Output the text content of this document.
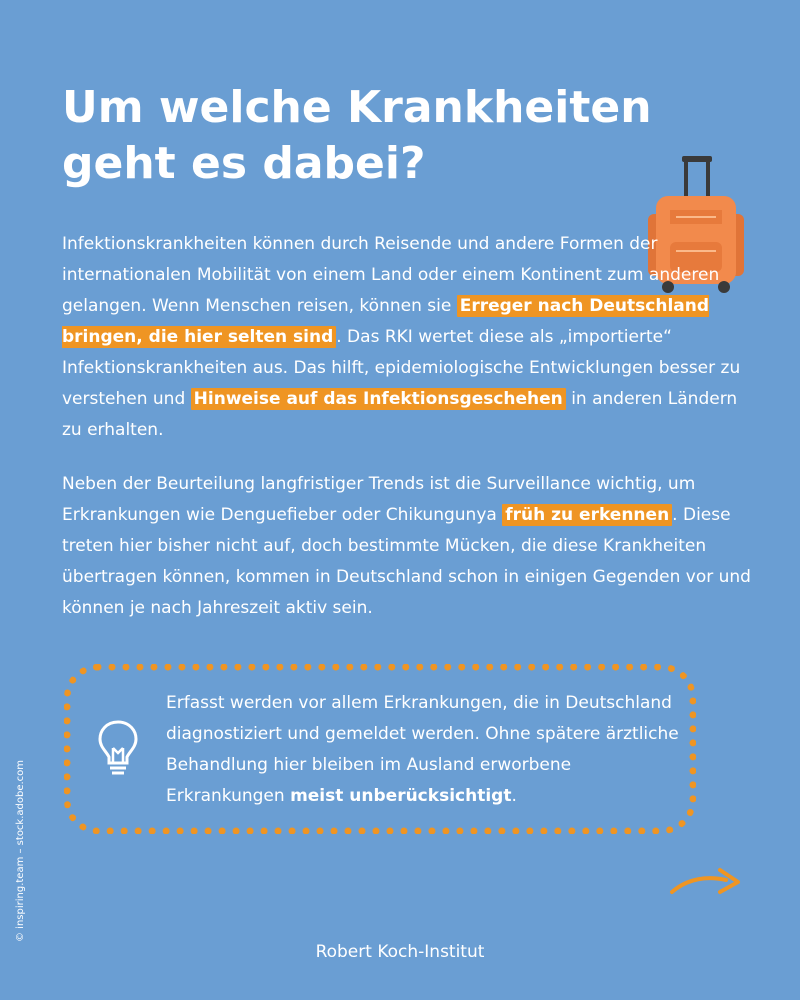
Um welche Krankheiten
geht es dabei?

Infektionskrankheiten können durch Reisende und andere Formen der internationalen Mobilität von einem Land oder einem Kontinent zum anderen gelangen. Wenn Menschen reisen, können sie Erreger nach Deutschland bringen, die hier selten sind . Das RKI wertet diese als „importierte“ Infektionskrankheiten aus. Das hilft, epidemiologische Entwicklungen besser zu verstehen und Hinweise auf das Infektionsgeschehen in anderen Ländern zu erhalten.

Neben der Beurteilung langfristiger Trends ist die Surveillance wichtig, um Erkrankungen wie Denguefieber oder Chikungunya früh zu erkennen . Diese treten hier bisher nicht auf, doch bestimmte Mücken, die diese Krankheiten übertragen können, kommen in Deutschland schon in einigen Gegenden vor und können je nach Jahreszeit aktiv sein.

Erfasst werden vor allem Erkrankungen, die in Deutschland diagnostiziert und gemeldet werden. Ohne spätere ärztliche Behandlung hier bleiben im Ausland erworbene Erkrankungen meist unberücksichtigt.

Robert Koch-Institut
© inspiring.team – stock.adobe.com
